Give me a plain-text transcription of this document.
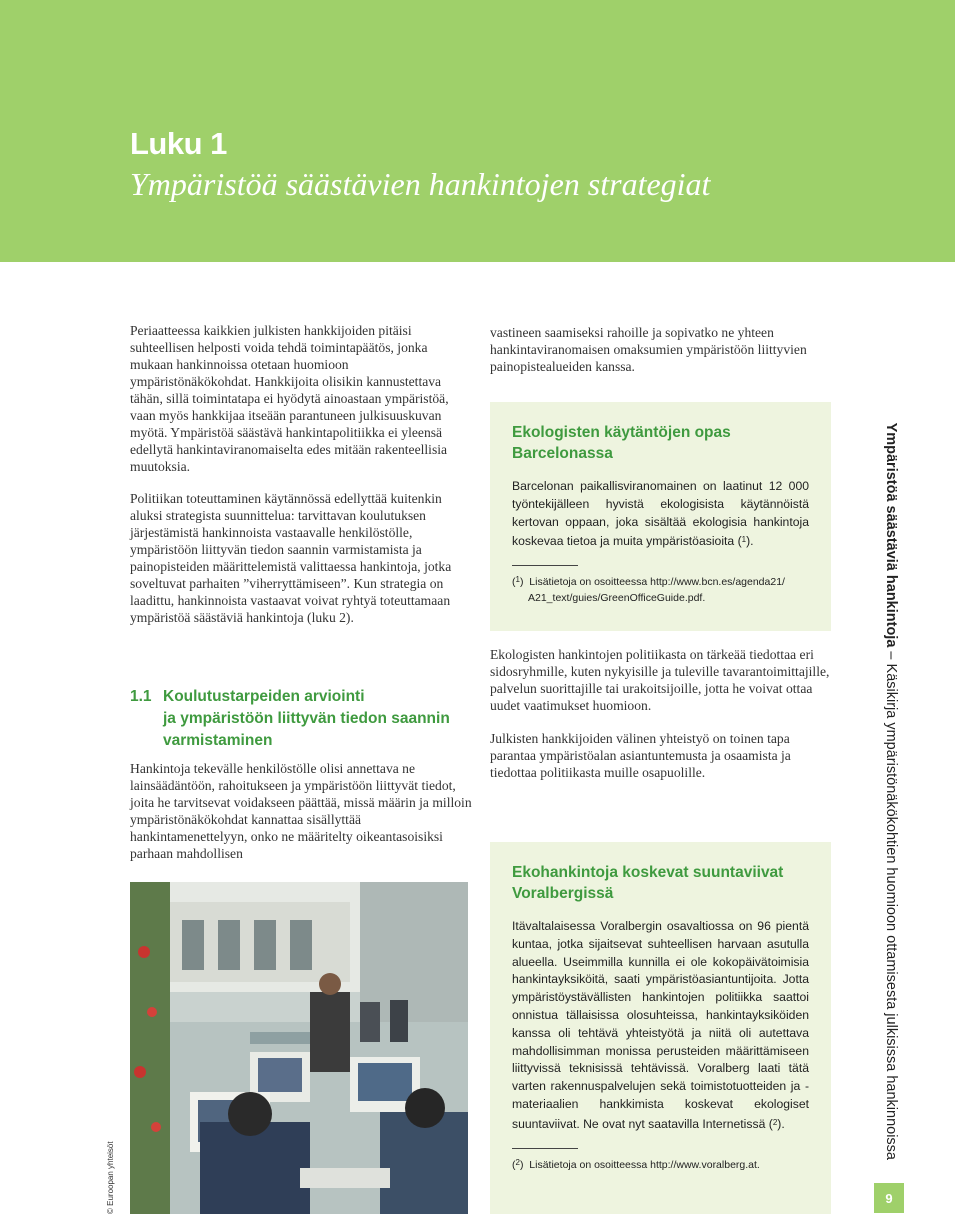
Luku 1
Ympäristöä säästävien hankintojen strategiat

Periaatteessa kaikkien julkisten hankkijoiden pitäisi suhteellisen helposti voida tehdä toimintapäätös, jonka mukaan hankinnoissa otetaan huomioon ympäristönäkökohdat. Hankkijoita olisikin kannustettava tähän, sillä toimintatapa ei hyödytä ainoastaan ympäristöä, vaan myös hankkijaa itseään parantuneen julkisuuskuvan myötä. Ympäristöä säästävä hankintapolitiikka ei yleensä edellytä hankintaviranomaiselta edes mitään rakenteellisia muutoksia.

Politiikan toteuttaminen käytännössä edellyttää kuitenkin aluksi strategista suunnittelua: tarvittavan koulutuksen järjestämistä hankinnoista vastaavalle henkilöstölle, ympäristöön liittyvän tiedon saannin varmistamista ja painopisteiden määrittelemistä valittaessa hankintoja, jotka soveltuvat parhaiten ”viherryttämiseen”. Kun strategia on laadittu, hankinnoista vastaavat voivat ryhtyä toteuttamaan ympäristöä säästäviä hankintoja (luku 2).

1.1 Koulutustarpeiden arviointi
ja ympäristöön liittyvän tiedon saannin
varmistaminen

Hankintoja tekevälle henkilöstölle olisi annettava ne lainsäädäntöön, rahoitukseen ja ympäristöön liittyvät tiedot, joita he tarvitsevat voidakseen päättää, missä määrin ja milloin ympäristönäkökohdat kannattaa sisällyttää hankintamenettelyyn, onko ne määritelty oikeantasoisiksi parhaan mahdollisen

© Euroopan yhteisöt

vastineen saamiseksi rahoille ja sopivatko ne yhteen hankintaviranomaisen omaksumien ympäristöön liittyvien painopistealueiden kanssa.

Ekologisten käytäntöjen opas
Barcelonassa

Barcelonan paikallisviranomainen on laatinut 12 000 työntekijälleen hyvistä ekologisista käytännöistä kertovan oppaan, joka sisältää ekologisia hankintoja koskevaa tietoa ja muita ympäristöasioita ($^1$).

($^1$)  Lisätietoja on osoitteessa http://www.bcn.es/agenda21/
A21_text/guies/GreenOfficeGuide.pdf.

Ekologisten hankintojen politiikasta on tärkeää tiedottaa eri sidosryhmille, kuten nykyisille ja tuleville tavarantoimittajille, palvelun suorittajille tai urakoitsijoille, jotta he voivat ottaa uudet vaatimukset huomioon.

Julkisten hankkijoiden välinen yhteistyö on toinen tapa parantaa ympäristöalan asiantuntemusta ja osaamista ja tiedottaa politiikasta muille osapuolille.

Ekohankintoja koskevat suuntaviivat
Voralbergissä

Itävaltalaisessa Voralbergin osavaltiossa on 96 pientä kuntaa, jotka sijaitsevat suhteellisen harvaan asutulla alueella. Useimmilla kunnilla ei ole kokopäivätoimisia hankintayksiköitä, saati ympäristöasiantuntijoita. Jotta ympäristöystävällisten hankintojen politiikka saattoi onnistua tällaisissa olosuhteissa, hankintayksiköiden kanssa oli tehtävä yhteistyötä ja niitä oli autettava mahdollisimman monissa perusteiden määrittämiseen liittyvissä teknisissä tehtävissä. Voralberg laati tätä varten rakennuspalvelujen sekä toimistotuotteiden ja -materiaalien hankkimista koskevat ekologiset suuntaviivat. Ne ovat nyt saatavilla Internetissä ($^2$).

($^2$)  Lisätietoja on osoitteessa http://www.voralberg.at.
Ympäristöä säästäviä hankintoja – Käsikirja ympäristönäkökohtien huomioon ottamisesta julkisissa hankinnoissa
9
